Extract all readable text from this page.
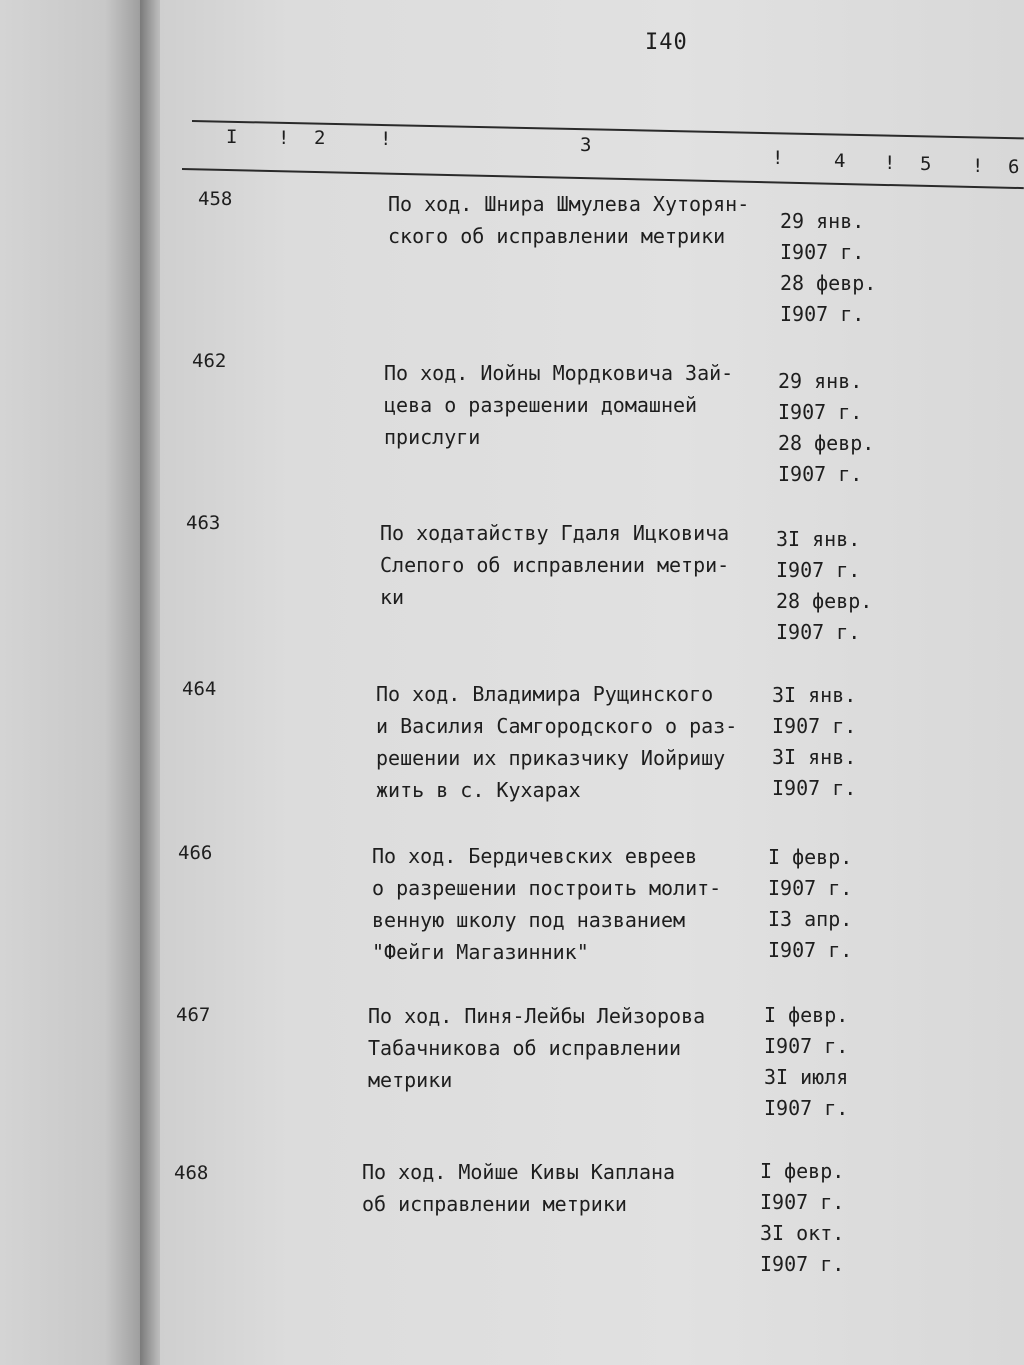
I40
I ! 2	!	3
!	4 ! 5 ! 6
458	По ход. Шнира Шмулева Хуторян-
ского об исправлении метрики
29 янв.
I907 г.
28 февр.
I907 г.
462	По ход. Иойны Мордковича Зай-
цева о разрешении домашней
прислуги
29 янв.
I907 г.
28 февр.
I907 г.
463	По ходатайству Гдаля Ицковича
Слепого об исправлении метри-
ки
3I янв.
I907 г.
28 февр.
I907 г.
464	По ход. Владимира Рущинского
и Василия Самгородского о раз-
решении их приказчику Иойришу
жить в с. Кухарах
3I янв.
I907 г.
3I янв.
I907 г.
466	По ход. Бердичевских евреев
о разрешении построить молит-
венную школу под названием
"Фейги Магазинник"
I февр.
I907 г.
I3 апр.
I907 г.
467	По ход. Пиня-Лейбы Лейзорова
Табачникова об исправлении
метрики
I февр.
I907 г.
3I июля
I907 г.
468	По ход. Мойше Кивы Каплана
об исправлении метрики
I февр.
I907 г.
3I окт.
I907 г.
